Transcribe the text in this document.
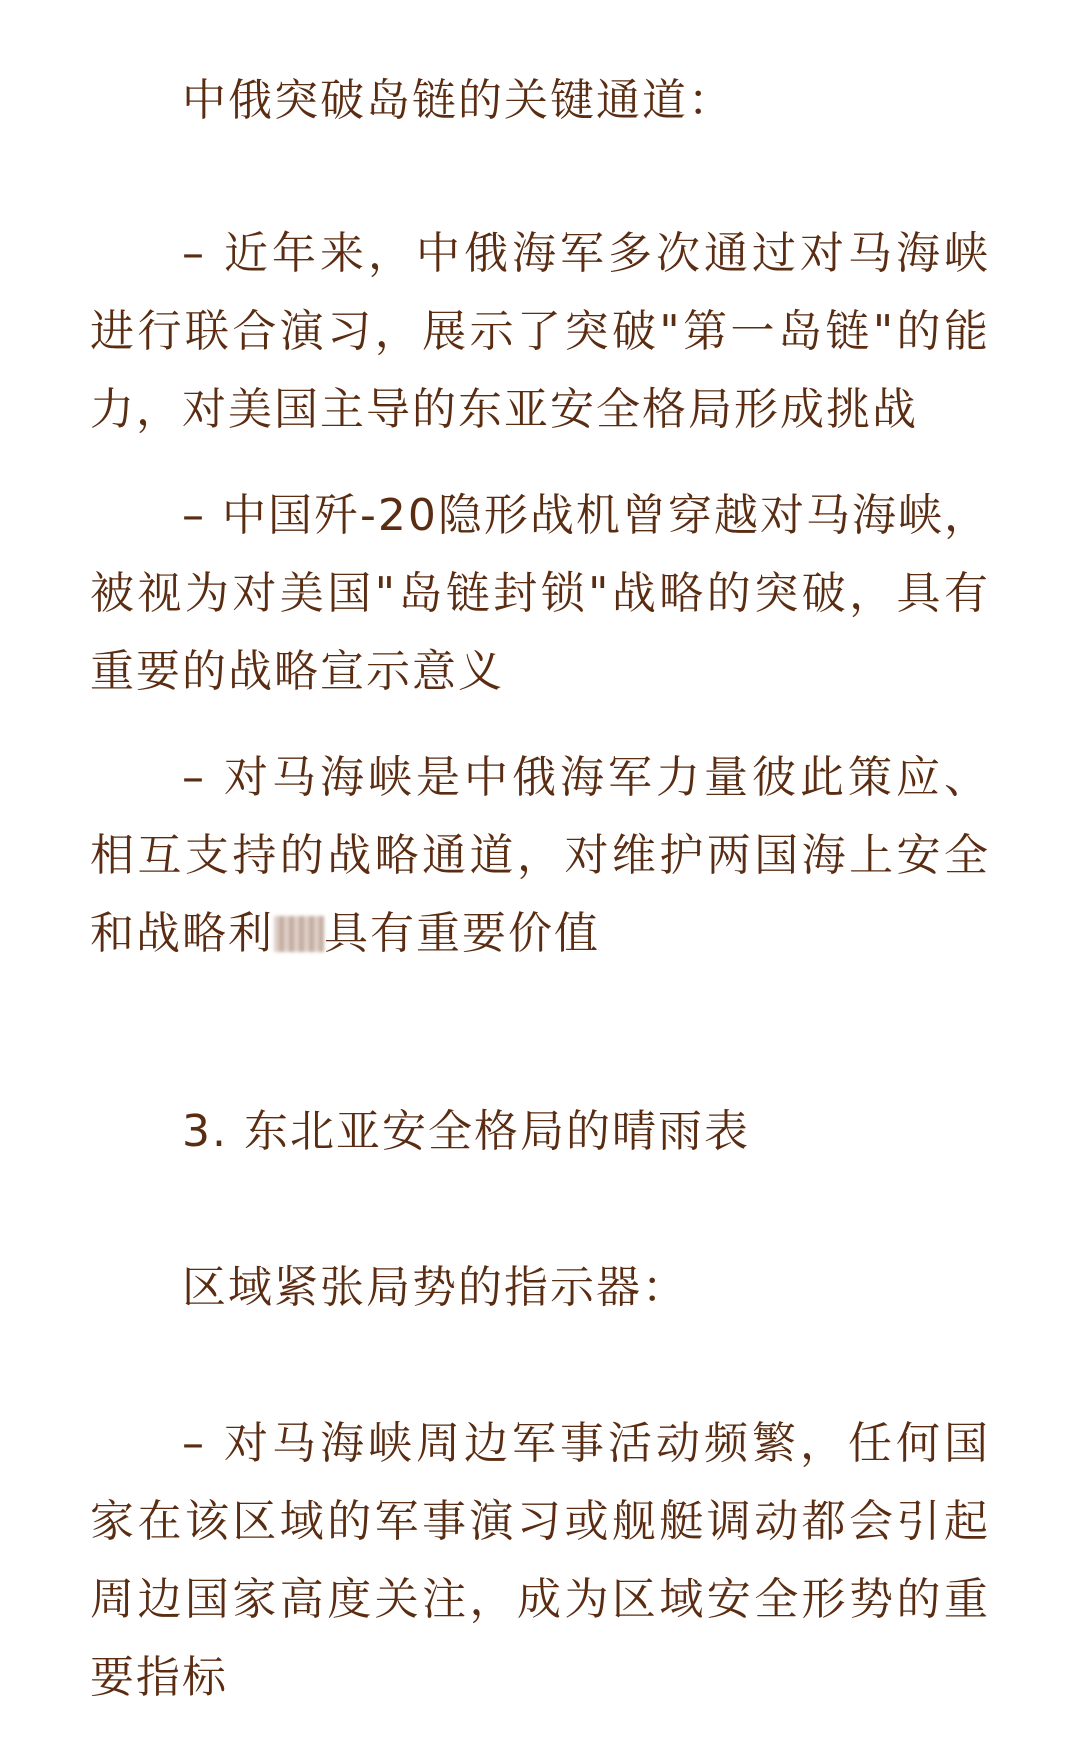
中俄突破岛链的关键通道：

– 近年来，中俄海军多次通过对马海峡进行联合演习，展示了突破"第一岛链"的能力，对美国主导的东亚安全格局形成挑战

– 中国歼-20隐形战机曾穿越对马海峡，被视为对美国"岛链封锁"战略的突破，具有重要的战略宣示意义

– 对马海峡是中俄海军力量彼此策应、相互支持的战略通道，对维护两国海上安全和战略利 具有重要价值

3. 东北亚安全格局的晴雨表

区域紧张局势的指示器：

– 对马海峡周边军事活动频繁，任何国家在该区域的军事演习或舰艇调动都会引起周边国家高度关注，成为区域安全形势的重要指标
